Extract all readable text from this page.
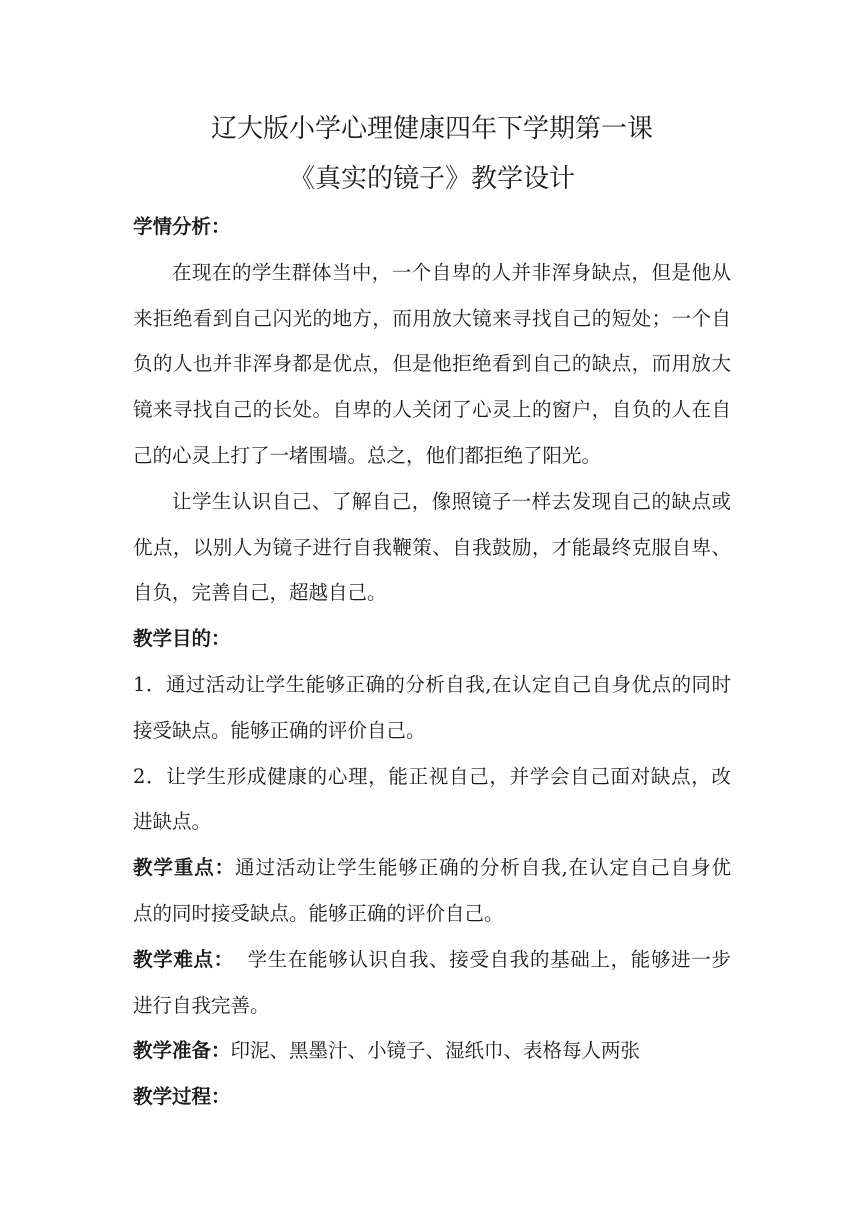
辽大版小学心理健康四年下学期第一课

《真实的镜子》教学设计

学情分析：

在现在的学生群体当中，一个自卑的人并非浑身缺点，但是他从

来拒绝看到自己闪光的地方，而用放大镜来寻找自己的短处；一个自

负的人也并非浑身都是优点，但是他拒绝看到自己的缺点，而用放大

镜来寻找自己的长处。自卑的人关闭了心灵上的窗户，自负的人在自

己的心灵上打了一堵围墙。总之，他们都拒绝了阳光。

让学生认识自己、了解自己，像照镜子一样去发现自己的缺点或

优点，以别人为镜子进行自我鞭策、自我鼓励，才能最终克服自卑、

自负，完善自己，超越自己。

教学目的：

1．通过活动让学生能够正确的分析自我,在认定自己自身优点的同时

接受缺点。能够正确的评价自己。

2．让学生形成健康的心理，能正视自己，并学会自己面对缺点，改

进缺点。

教学重点：通过活动让学生能够正确的分析自我,在认定自己自身优

点的同时接受缺点。能够正确的评价自己。

教学难点：  学生在能够认识自我、接受自我的基础上，能够进一步

进行自我完善。

教学准备：印泥、黑墨汁、小镜子、湿纸巾、表格每人两张

教学过程：
